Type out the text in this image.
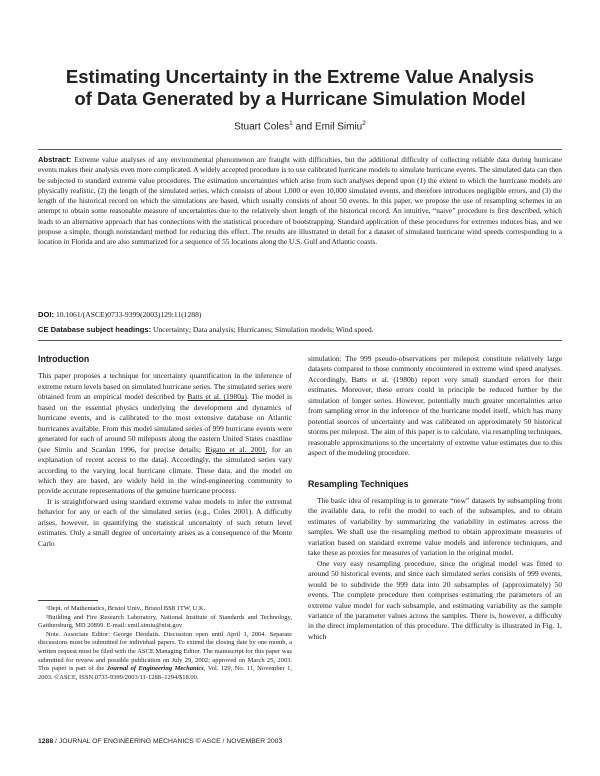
Estimating Uncertainty in the Extreme Value Analysis
of Data Generated by a Hurricane Simulation Model
Stuart Coles$^1$ and Emil Simiu$^2$
Abstract: Extreme value analyses of any environmental phenomenon are fraught with difficulties, but the additional difficulty of collecting reliable data during hurricane events makes their analysis even more complicated. A widely accepted procedure is to use calibrated hurricane models to simulate hurricane events. The simulated data can then be subjected to standard extreme value procedures. The estimation uncertainties which arise from such analyses depend upon (1) the extent to which the hurricane models are physically realistic, (2) the length of the simulated series, which consists of about 1,000 or even 10,000 simulated events, and therefore introduces negligible errors, and (3) the length of the historical record on which the simulations are based, which usually consists of about 50 events. In this paper, we propose the use of resampling schemes in an attempt to obtain some reasonable measure of uncertainties due to the relatively short length of the historical record. An intuitive, “naive” procedure is first described, which leads to an alternative approach that has connections with the statistical procedure of bootstrapping. Standard application of these procedures for extremes induces bias, and we propose a simple, though nonstandard method for reducing this effect. The results are illustrated in detail for a dataset of simulated hurricane wind speeds corresponding to a location in Florida and are also summarized for a sequence of 55 locations along the U.S. Gulf and Atlantic coasts.
DOI: 10.1061/(ASCE)0733-9399(2003)129:11(1288)
CE Database subject headings: Uncertainty; Data analysis; Hurricanes; Simulation models; Wind speed.
Introduction

This paper proposes a technique for uncertainty quantification in the inference of extreme return levels based on simulated hurricane series. The simulated series were obtained from an empirical model described by Batts et al. (1980a). The model is based on the essential physics underlying the development and dynamics of hurricane events, and is calibrated to the most extensive database on Atlantic hurricanes available. From this model simulated series of 999 hurricane events were generated for each of around 50 mileposts along the eastern United States coastline (see Simiu and Scanlan 1996, for precise details; Rigato et al. 2001, for an explanation of recent access to the data). Accordingly, the simulated series vary according to the varying local hurricane climate. These data, and the model on which they are based, are widely held in the wind-engineering community to provide accurate representations of the genuine hurricane process.

It is straightforward using standard extreme value models to infer the extremal behavior for any or each of the simulated series (e.g., Coles 2001). A difficulty arises, however, in quantifying the statistical uncertainty of such return level estimates. Only a small degree of uncertainty arises as a consequence of the Monte Carlo

¹Dept. of Mathematics, Bristol Univ., Bristol BS8 1TW, U.K.

²Building and Fire Research Laboratory, National Institute of Standards and Technology, Gaithersburg, MD 20899. E-mail: emil.simiu@nist.gov

Note. Associate Editor: George Deodatis. Discussion open until April 1, 2004. Separate discussions must be submitted for individual papers. To extend the closing date by one month, a written request must be filed with the ASCE Managing Editor. The manuscript for this paper was submitted for review and possible publication on July 29, 2002; approved on March 25, 2003. This paper is part of the Journal of Engineering Mechanics, Vol. 129, No. 11, November 1, 2003. ©ASCE, ISSN 0733-9399/2003/11-1288–1294/$18.00.

simulation: The 999 pseudo-observations per milepost constitute relatively large datasets compared to those commonly encountered in extreme wind speed analyses. Accordingly, Batts et al. (1980b) report very small standard errors for their estimates. Moreover, these errors could in principle be reduced further by the simulation of longer series. However, potentially much greater uncertainties arise from sampling error in the inference of the hurricane model itself, which has many potential sources of uncertainty and was calibrated on approximately 50 historical storms per milepost. The aim of this paper is to calculate, via resampling techniques, reasonable approximations to the uncertainty of extreme value estimates due to this aspect of the modeling procedure.

Resampling Techniques

The basic idea of resampling is to generate “new” datasets by subsampling from the available data, to refit the model to each of the subsamples, and to obtain estimates of variability by summarizing the variability in estimates across the samples. We shall use the resampling method to obtain approximate measures of variation based on standard extreme value models and inference techniques, and take these as proxies for measures of variation in the original model.

One very easy resampling procedure, since the original model was fitted to around 50 historical events, and since each simulated series consists of 999 events, would be to subdivide the 999 data into 20 subsamples of (approximately) 50 events. The complete procedure then comprises estimating the parameters of an extreme value model for each subsample, and estimating variability as the sample variance of the parameter values across the samples. There is, however, a difficulty in the direct implementation of this procedure. The difficulty is illustrated in Fig. 1, which

1288 / JOURNAL OF ENGINEERING MECHANICS © ASCE / NOVEMBER 2003
